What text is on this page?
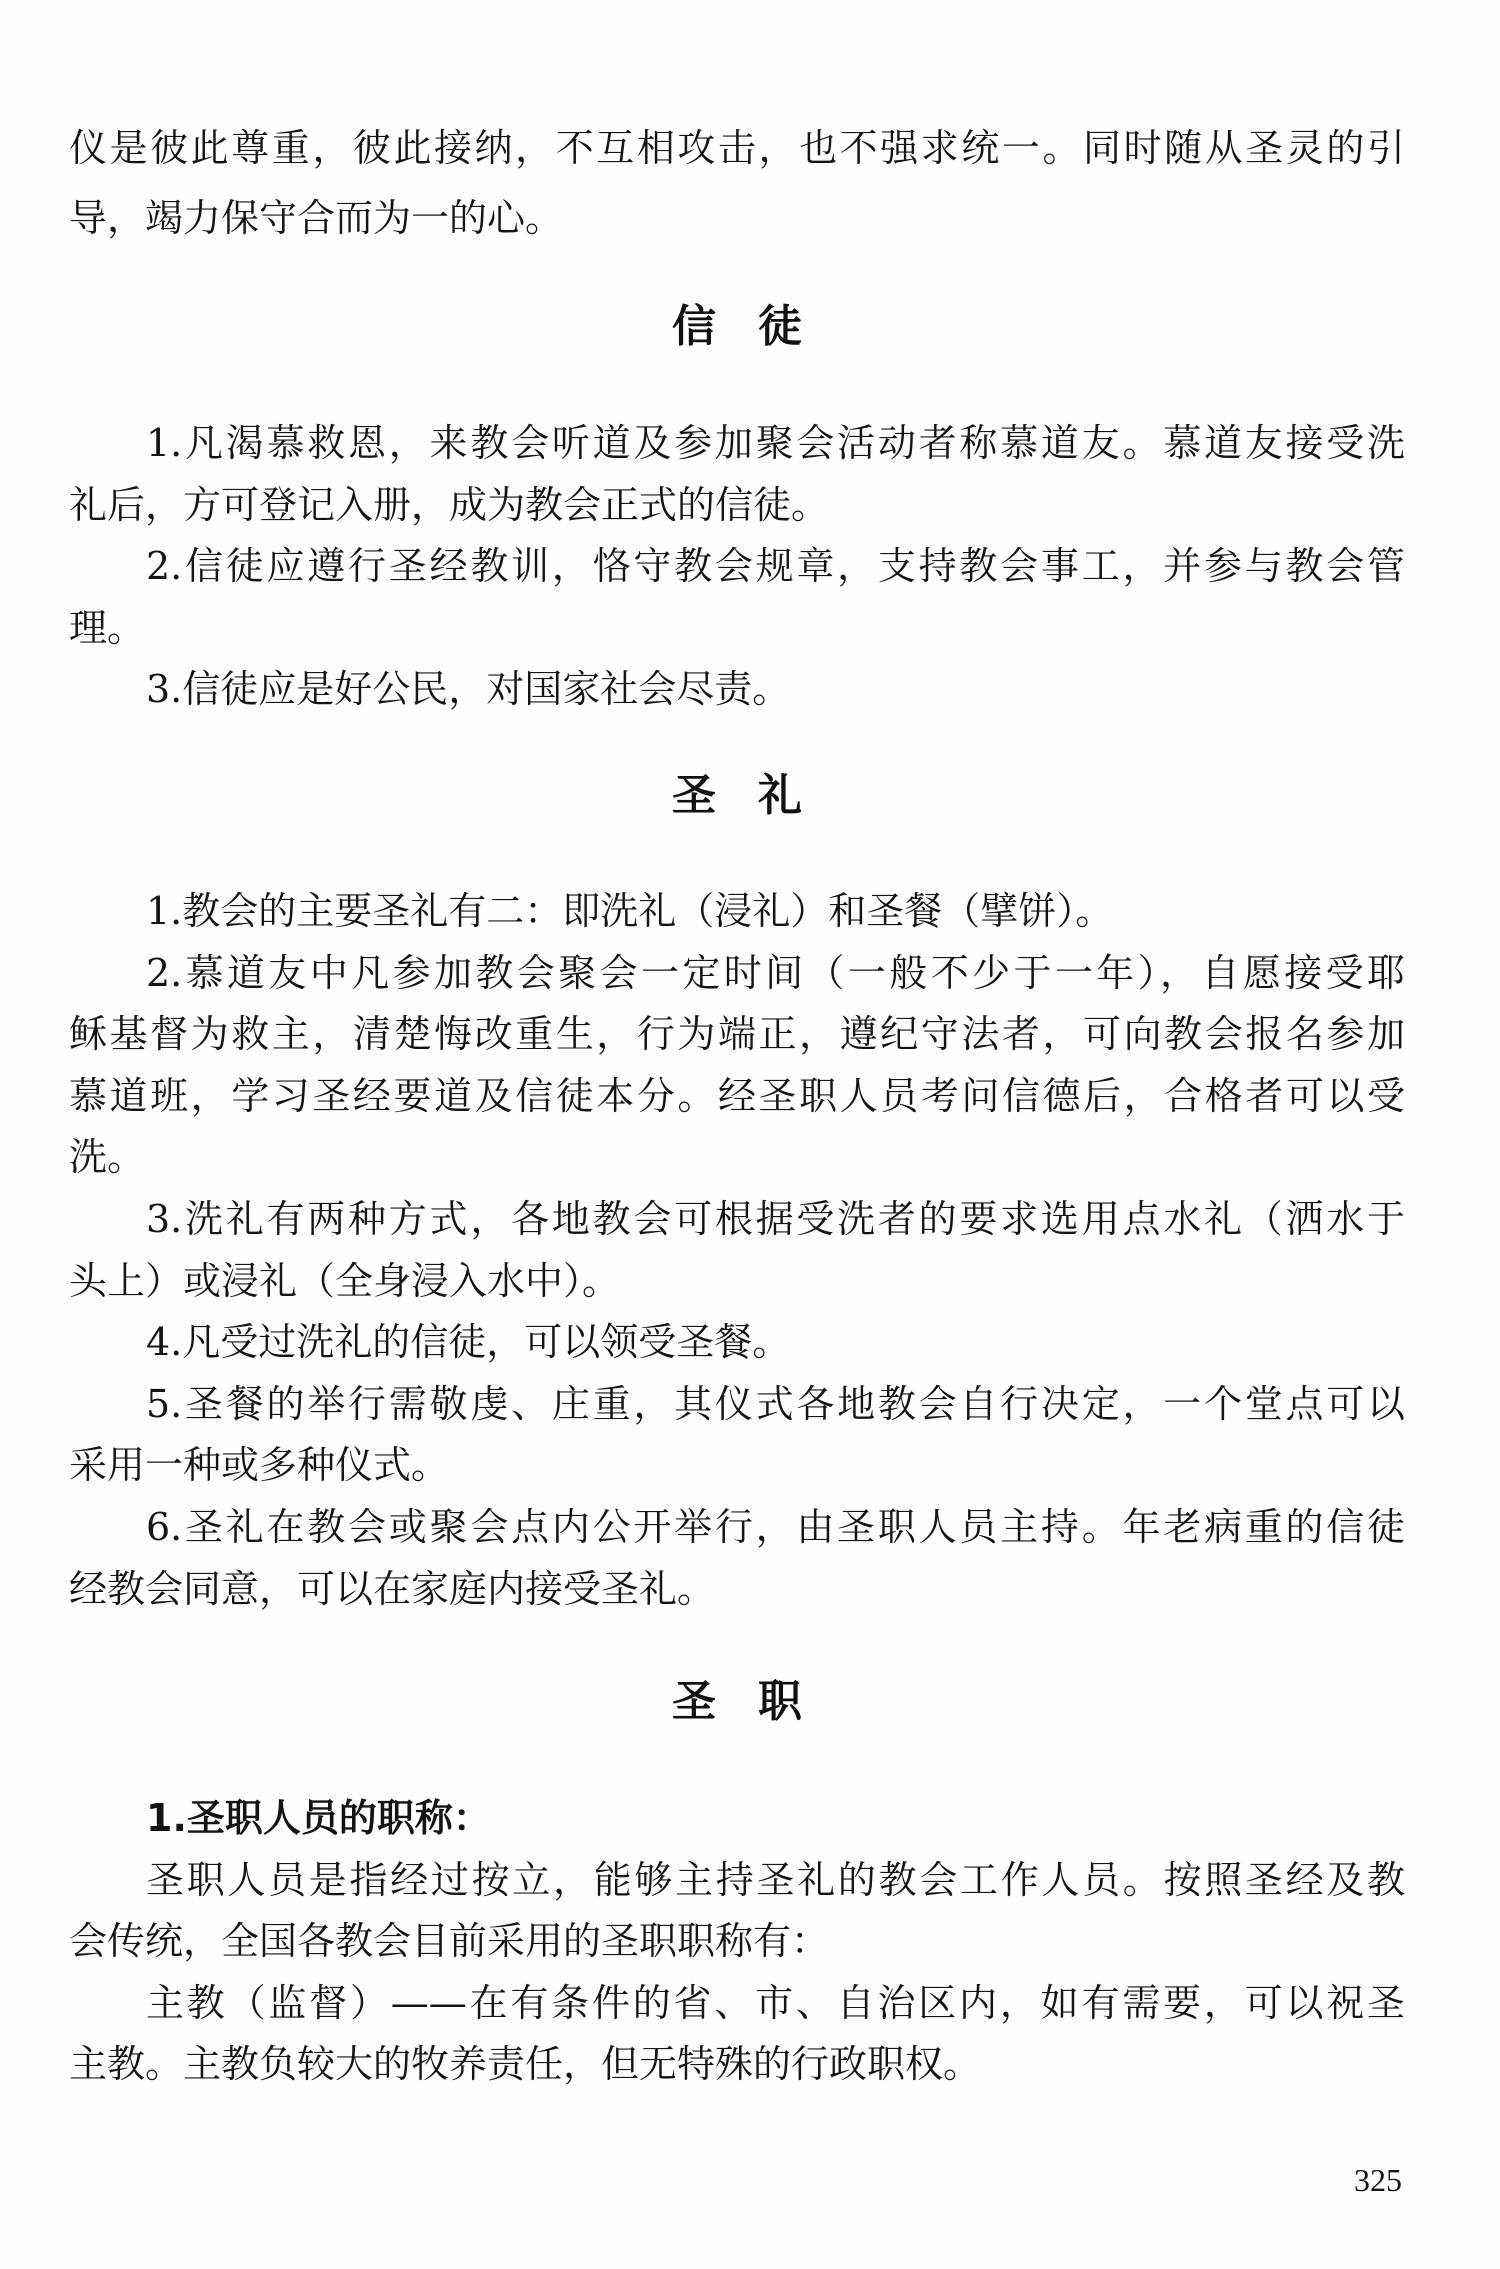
仪是彼此尊重，彼此接纳，不互相攻击，也不强求统一。同时随从圣灵的引
导，竭力保守合而为一的心。
信徒
1.凡渴慕救恩，来教会听道及参加聚会活动者称慕道友。慕道友接受洗
礼后，方可登记入册，成为教会正式的信徒。
2.信徒应遵行圣经教训，恪守教会规章，支持教会事工，并参与教会管
理。
3.信徒应是好公民，对国家社会尽责。
圣礼
1.教会的主要圣礼有二：即洗礼（浸礼）和圣餐（擘饼）。
2.慕道友中凡参加教会聚会一定时间（一般不少于一年），自愿接受耶
稣基督为救主，清楚悔改重生，行为端正，遵纪守法者，可向教会报名参加
慕道班，学习圣经要道及信徒本分。经圣职人员考问信德后，合格者可以受
洗。
3.洗礼有两种方式，各地教会可根据受洗者的要求选用点水礼（洒水于
头上）或浸礼（全身浸入水中）。
4.凡受过洗礼的信徒，可以领受圣餐。
5.圣餐的举行需敬虔、庄重，其仪式各地教会自行决定，一个堂点可以
采用一种或多种仪式。
6.圣礼在教会或聚会点内公开举行，由圣职人员主持。年老病重的信徒
经教会同意，可以在家庭内接受圣礼。
圣职
1.圣职人员的职称：
圣职人员是指经过按立，能够主持圣礼的教会工作人员。按照圣经及教
会传统，全国各教会目前采用的圣职职称有：
主教（监督）——在有条件的省、市、自治区内，如有需要，可以祝圣
主教。主教负较大的牧养责任，但无特殊的行政职权。
325
